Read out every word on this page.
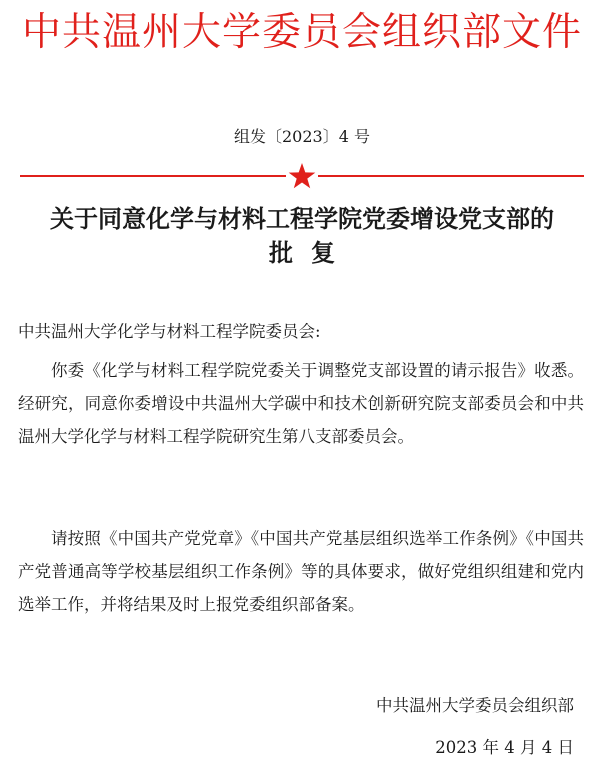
中共温州大学委员会组织部文件
组发〔2023〕4 号
关于同意化学与材料工程学院党委增设党支部的
批复
中共温州大学化学与材料工程学院委员会:

你委《化学与材料工程学院党委关于调整党支部设置的请示报告》收悉。经研究，同意你委增设中共温州大学碳中和技术创新研究院支部委员会和中共温州大学化学与材料工程学院研究生第八支部委员会。

请按照《中国共产党党章》《中国共产党基层组织选举工作条例》《中国共产党普通高等学校基层组织工作条例》等的具体要求，做好党组织组建和党内选举工作，并将结果及时上报党委组织部备案。

中共温州大学委员会组织部
2023 年 4 月 4 日
